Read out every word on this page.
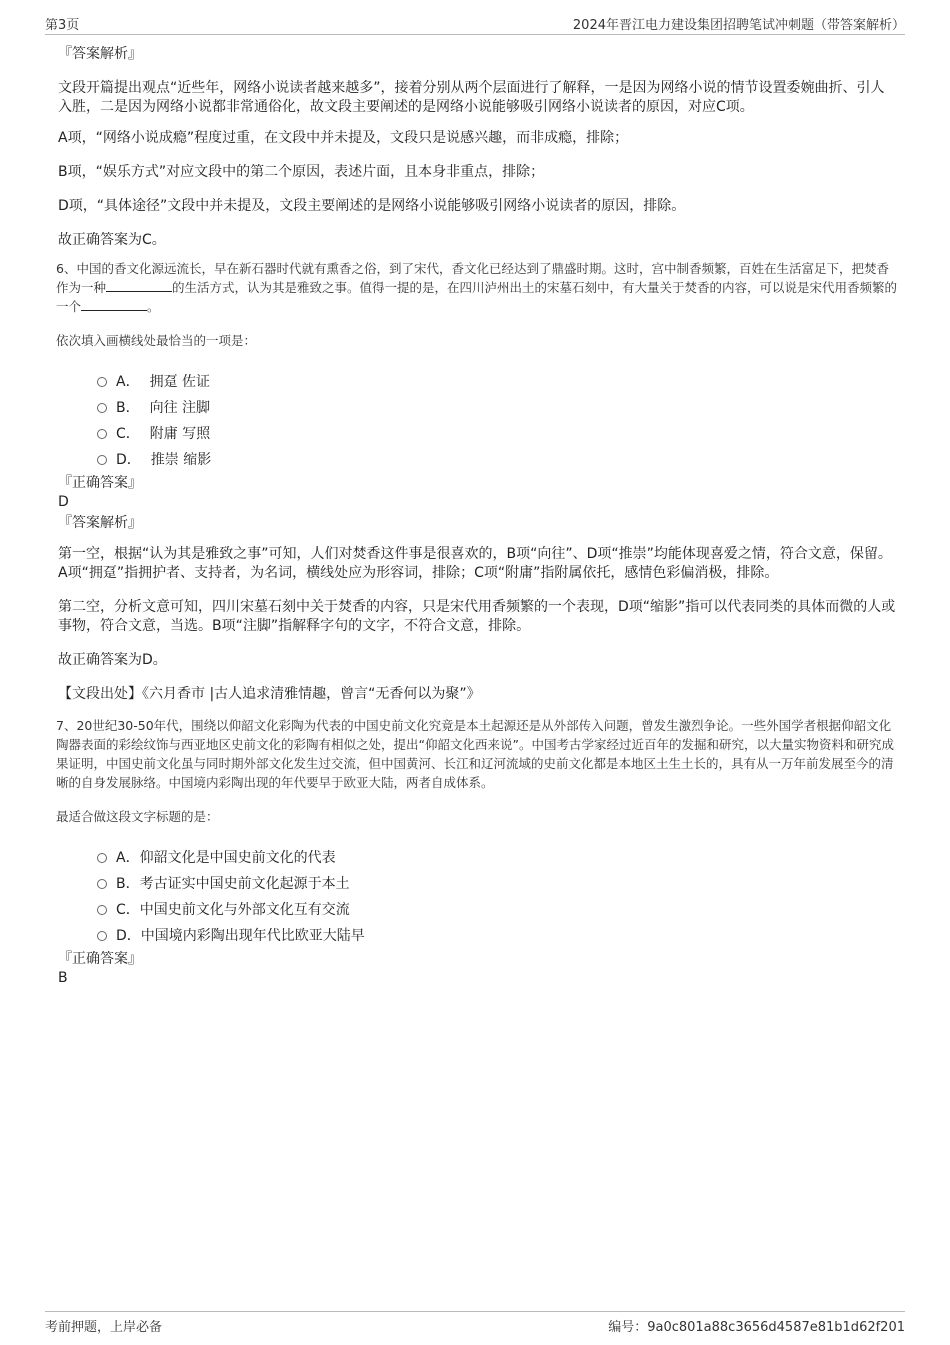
第3页	2024年晋江电力建设集团招聘笔试冲刺题（带答案解析）
『答案解析』
文段开篇提出观点“近些年，网络小说读者越来越多”，接着分别从两个层面进行了解释，一是因为网络小说的情节设置委婉曲折、引人入胜，二是因为网络小说都非常通俗化，故文段主要阐述的是网络小说能够吸引网络小说读者的原因，对应C项。
A项，“网络小说成瘾”程度过重，在文段中并未提及，文段只是说感兴趣，而非成瘾，排除；
B项，“娱乐方式”对应文段中的第二个原因，表述片面，且本身非重点，排除；
D项，“具体途径”文段中并未提及，文段主要阐述的是网络小说能够吸引网络小说读者的原因，排除。
故正确答案为C。
6、中国的香文化源远流长，早在新石器时代就有熏香之俗，到了宋代，香文化已经达到了鼎盛时期。这时，宫中制香频繁，百姓在生活富足下，把焚香作为一种	的生活方式，认为其是雅致之事。值得一提的是，在四川泸州出土的宋墓石刻中，有大量关于焚香的内容，可以说是宋代用香频繁的一个	。
依次填入画横线处最恰当的一项是：
A． 拥趸 佐证
B． 向往 注脚
C． 附庸 写照
D． 推崇 缩影
『正确答案』
D
『答案解析』
第一空，根据“认为其是雅致之事”可知，人们对焚香这件事是很喜欢的，B项“向往”、D项“推崇”均能体现喜爱之情，符合文意，保留。A项“拥趸”指拥护者、支持者，为名词，横线处应为形容词，排除；C项“附庸”指附属依托，感情色彩偏消极，排除。
第二空，分析文意可知，四川宋墓石刻中关于焚香的内容，只是宋代用香频繁的一个表现，D项“缩影”指可以代表同类的具体而微的人或事物，符合文意，当选。B项“注脚”指解释字句的文字，不符合文意，排除。
故正确答案为D。
【文段出处】《六月香市 |古人追求清雅情趣，曾言“无香何以为聚”》
7、20世纪30-50年代，围绕以仰韶文化彩陶为代表的中国史前文化究竟是本土起源还是从外部传入问题，曾发生激烈争论。一些外国学者根据仰韶文化陶器表面的彩绘纹饰与西亚地区史前文化的彩陶有相似之处，提出“仰韶文化西来说”。中国考古学家经过近百年的发掘和研究，以大量实物资料和研究成果证明，中国史前文化虽与同时期外部文化发生过交流，但中国黄河、长江和辽河流域的史前文化都是本地区土生土长的，具有从一万年前发展至今的清晰的自身发展脉络。中国境内彩陶出现的年代要早于欧亚大陆，两者自成体系。
最适合做这段文字标题的是：
A．仰韶文化是中国史前文化的代表
B．考古证实中国史前文化起源于本土
C．中国史前文化与外部文化互有交流
D．中国境内彩陶出现年代比欧亚大陆早
『正确答案』
B
考前押题，上岸必备	编号：9a0c801a88c3656d4587e81b1d62f201
